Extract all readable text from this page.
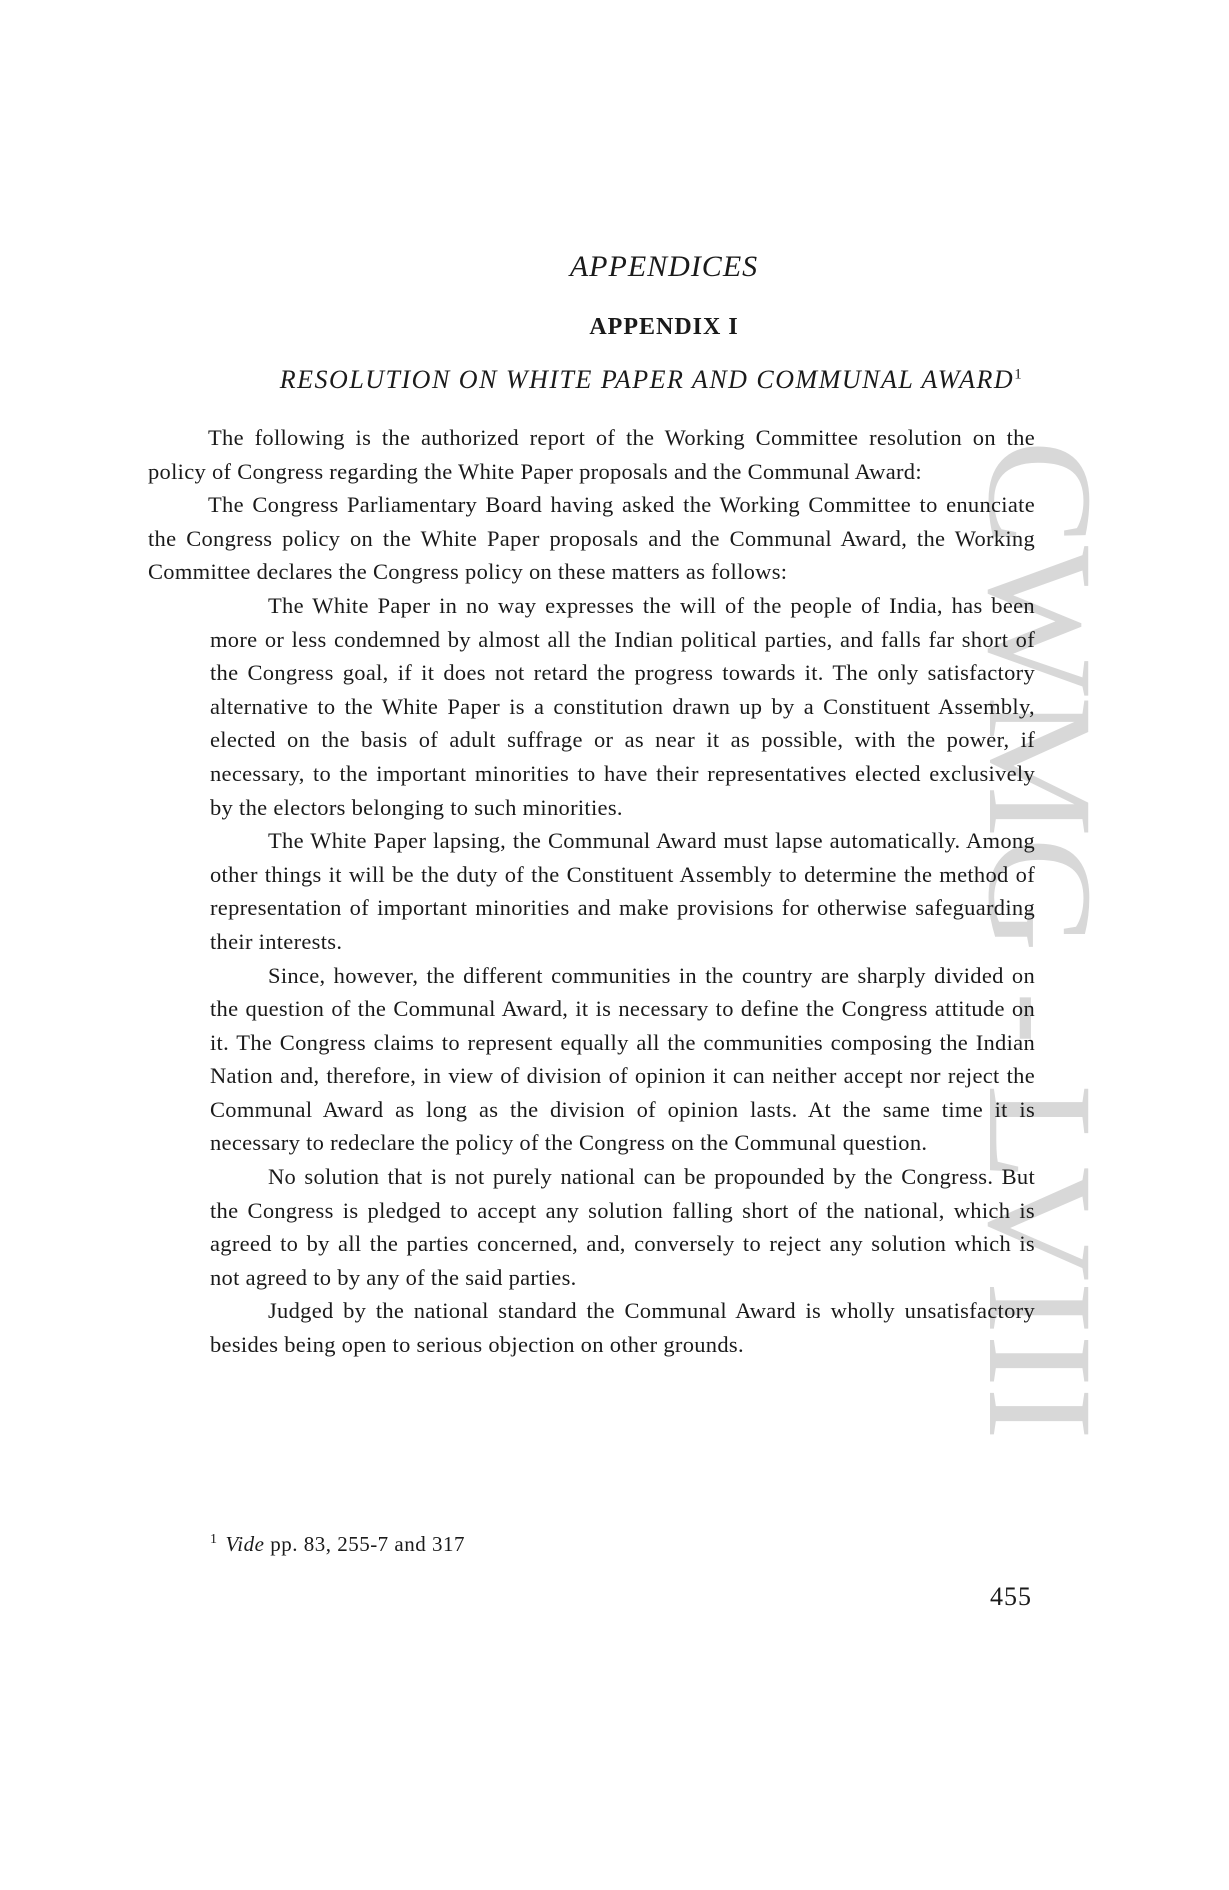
CWMG - LVIII
APPENDICES
APPENDIX I
RESOLUTION ON WHITE PAPER AND COMMUNAL AWARD$^1$

The following is the authorized report of the Working Committee resolution on the policy of Congress regarding the White Paper proposals and the Communal Award:

The Congress Parliamentary Board having asked the Working Committee to enunciate the Congress policy on the White Paper proposals and the Communal Award, the Working Committee declares the Congress policy on these matters as follows:

The White Paper in no way expresses the will of the people of India, has been more or less condemned by almost all the Indian political parties, and falls far short of the Congress goal, if it does not retard the progress towards it. The only satisfactory alternative to the White Paper is a constitution drawn up by a Constituent Assembly, elected on the basis of adult suffrage or as near it as possible, with the power, if necessary, to the important minorities to have their representatives elected exclusively by the electors belonging to such minorities.

The White Paper lapsing, the Communal Award must lapse automatically. Among other things it will be the duty of the Constituent Assembly to determine the method of representation of important minorities and make provisions for otherwise safeguarding their interests.

Since, however, the different communities in the country are sharply divided on the question of the Communal Award, it is necessary to define the Congress attitude on it. The Congress claims to represent equally all the communities composing the Indian Nation and, therefore, in view of division of opinion it can neither accept nor reject the Communal Award as long as the division of opinion lasts. At the same time it is necessary to redeclare the policy of the Congress on the Communal question.

No solution that is not purely national can be propounded by the Congress. But the Congress is pledged to accept any solution falling short of the national, which is agreed to by all the parties concerned, and, conversely to reject any solution which is not agreed to by any of the said parties.

Judged by the national standard the Communal Award is wholly unsatisfactory besides being open to serious objection on other grounds.

$^1$ Vide pp. 83, 255-7 and 317
455
